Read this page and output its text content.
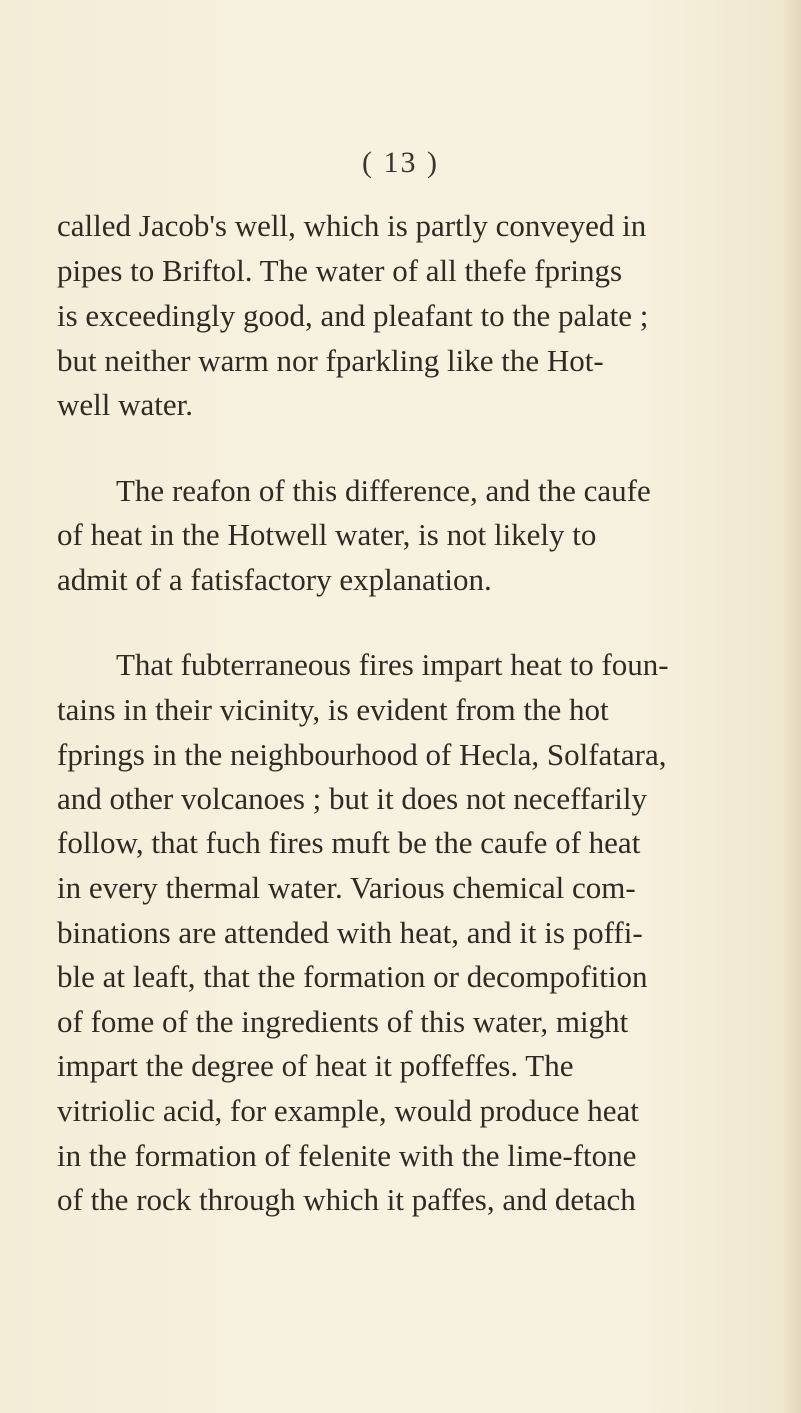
( 13 )
called Jacob's well, which is partly conveyed in
pipes to Briftol. The water of all thefe fprings
is exceedingly good, and pleafant to the palate ;
but neither warm nor fparkling like the Hot-
well water.
The reafon of this difference, and the caufe
of heat in the Hotwell water, is not likely to
admit of a fatisfactory explanation.
That fubterraneous fires impart heat to foun-
tains in their vicinity, is evident from the hot
fprings in the neighbourhood of Hecla, Solfatara,
and other volcanoes ; but it does not neceffarily
follow, that fuch fires muft be the caufe of heat
in every thermal water. Various chemical com-
binations are attended with heat, and it is poffi-
ble at leaft, that the formation or decompofition
of fome of the ingredients of this water, might
impart the degree of heat it poffeffes. The
vitriolic acid, for example, would produce heat
in the formation of felenite with the lime-ftone
of the rock through which it paffes, and detach
